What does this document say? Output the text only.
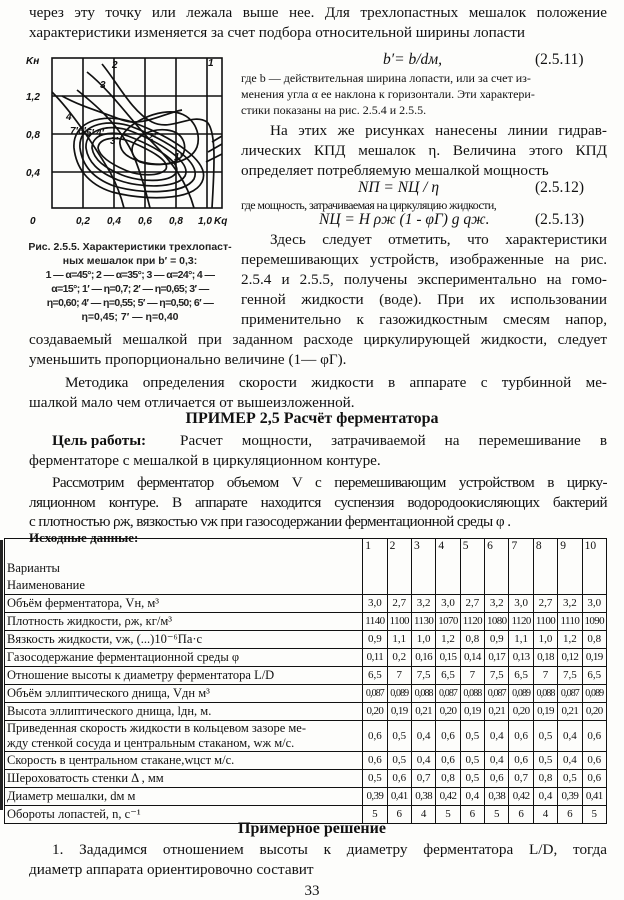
через эту точку или лежала выше нее. Для трехлопастных мешалок положение
характеристики изменяется за счет подбора относительной ширины лопасти
Kн
1,2
0,8
0,4
0	0,2 0,4 0,6 0,8 1,0 Kq
1
2
3
4
1′
2′
3′
4′
5′
6′
7′
Рис. 2.5.5. Характеристики трехлопаст-
ных мешалок при b′ = 0,3:
1 — α=45°; 2 — α=35°; 3 — α=24°; 4 —
α=15°; 1′ — η=0,7; 2′ — η=0,65; 3′ —
η=0,60; 4′ — η=0,55; 5′ — η=0,50; 6′ —
η=0,45; 7′ — η=0,40
b′= b/dм,	(2.5.11)
где b — действительная ширина лопасти, или за счет из-
менения угла α ее наклона к горизонтали. Эти характери-
стики показаны на рис. 2.5.4 и 2.5.5.
На этих же рисунках нанесены линии гидрав-
лических КПД мешалок η. Величина этого КПД
определяет потребляемую мешалкой мощность
NП = NЦ / η	(2.5.12)
где мощность, затрачиваемая на циркуляцию жидкости,
NЦ = H ρж (1 - φГ) g qж.	(2.5.13)
Здесь следует отметить, что характеристики
перемешивающих устройств, изображенные на рис.
2.5.4 и 2.5.5, получены экспериментально на гомо-
генной жидкости (воде). При их использовании
применительно к газожидкостным смесям напор,
создаваемый мешалкой при заданном расходе циркулирующей жидкости, следует
уменьшить пропорционально величине (1— φГ).
Методика определения скорости жидкости в аппарате с турбинной ме-
шалкой мало чем отличается от вышеизложенной.
ПРИМЕР 2,5 Расчёт ферментатора
Цель работы: Расчет мощности, затрачиваемой на перемешивание в
ферментаторе с мешалкой в циркуляционном контуре.
Рассмотрим ферментатор объемом V с перемешивающим устройством в цирку-
ляционном контуре. В аппарате находится суспензия водородоокисляющих бактерий
с плотностью ρж, вязкостью vж при газосодержании ферментационной среды φ .
Исходные данные:
Варианты
Наименование	1	2	3	4	5	6	7	8	9	10

Объём ферментатора, Vн, м³	3,0	2,7	3,2	3,0	2,7	3,2	3,0	2,7	3,2	3,0

Плотность жидкости, ρж, кг/м³	1140	1100	1130	1070	1120	1080	1120	1100	1110	1090

Вязкость жидкости, vж, (...)10⁻⁶Па·с	0,9	1,1	1,0	1,2	0,8	0,9	1,1	1,0	1,2	0,8

Газосодержание ферментационной среды φ	0,11	0,2	0,16	0,15	0,14	0,17	0,13	0,18	0,12	0,19

Отношение высоты к диаметру ферментатора L/D	6,5	7	7,5	6,5	7	7,5	6,5	7	7,5	6,5

Объём эллиптического днища, Vдн м³	0,087	0,089	0,088	0,087	0,088	0,087	0,089	0,088	0,087	0,089

Высота эллиптического днища, lдн, м.	0,20	0,19	0,21	0,20	0,19	0,21	0,20	0,19	0,21	0,20

Приведенная скорость жидкости в кольцевом зазоре ме-
жду стенкой сосуда и центральным стаканом, wж м/с.	0,6	0,5	0,4	0,6	0,5	0,4	0,6	0,5	0,4	0,6

Скорость в центральном стакане,wцст м/с.	0,6	0,5	0,4	0,6	0,5	0,4	0,6	0,5	0,4	0,6

Шероховатость стенки Δ , мм	0,5	0,6	0,7	0,8	0,5	0,6	0,7	0,8	0,5	0,6

Диаметр мешалки, dм м	0,39	0,41	0,38	0,42	0,4	0,38	0,42	0,4	0,39	0,41

Обороты лопастей, n, c⁻¹	5	6	4	5	6	5	6	4	6	5
Примерное решение
1. Зададимся отношением высоты к диаметру ферментатора L/D, тогда
диаметр аппарата ориентировочно составит
33
